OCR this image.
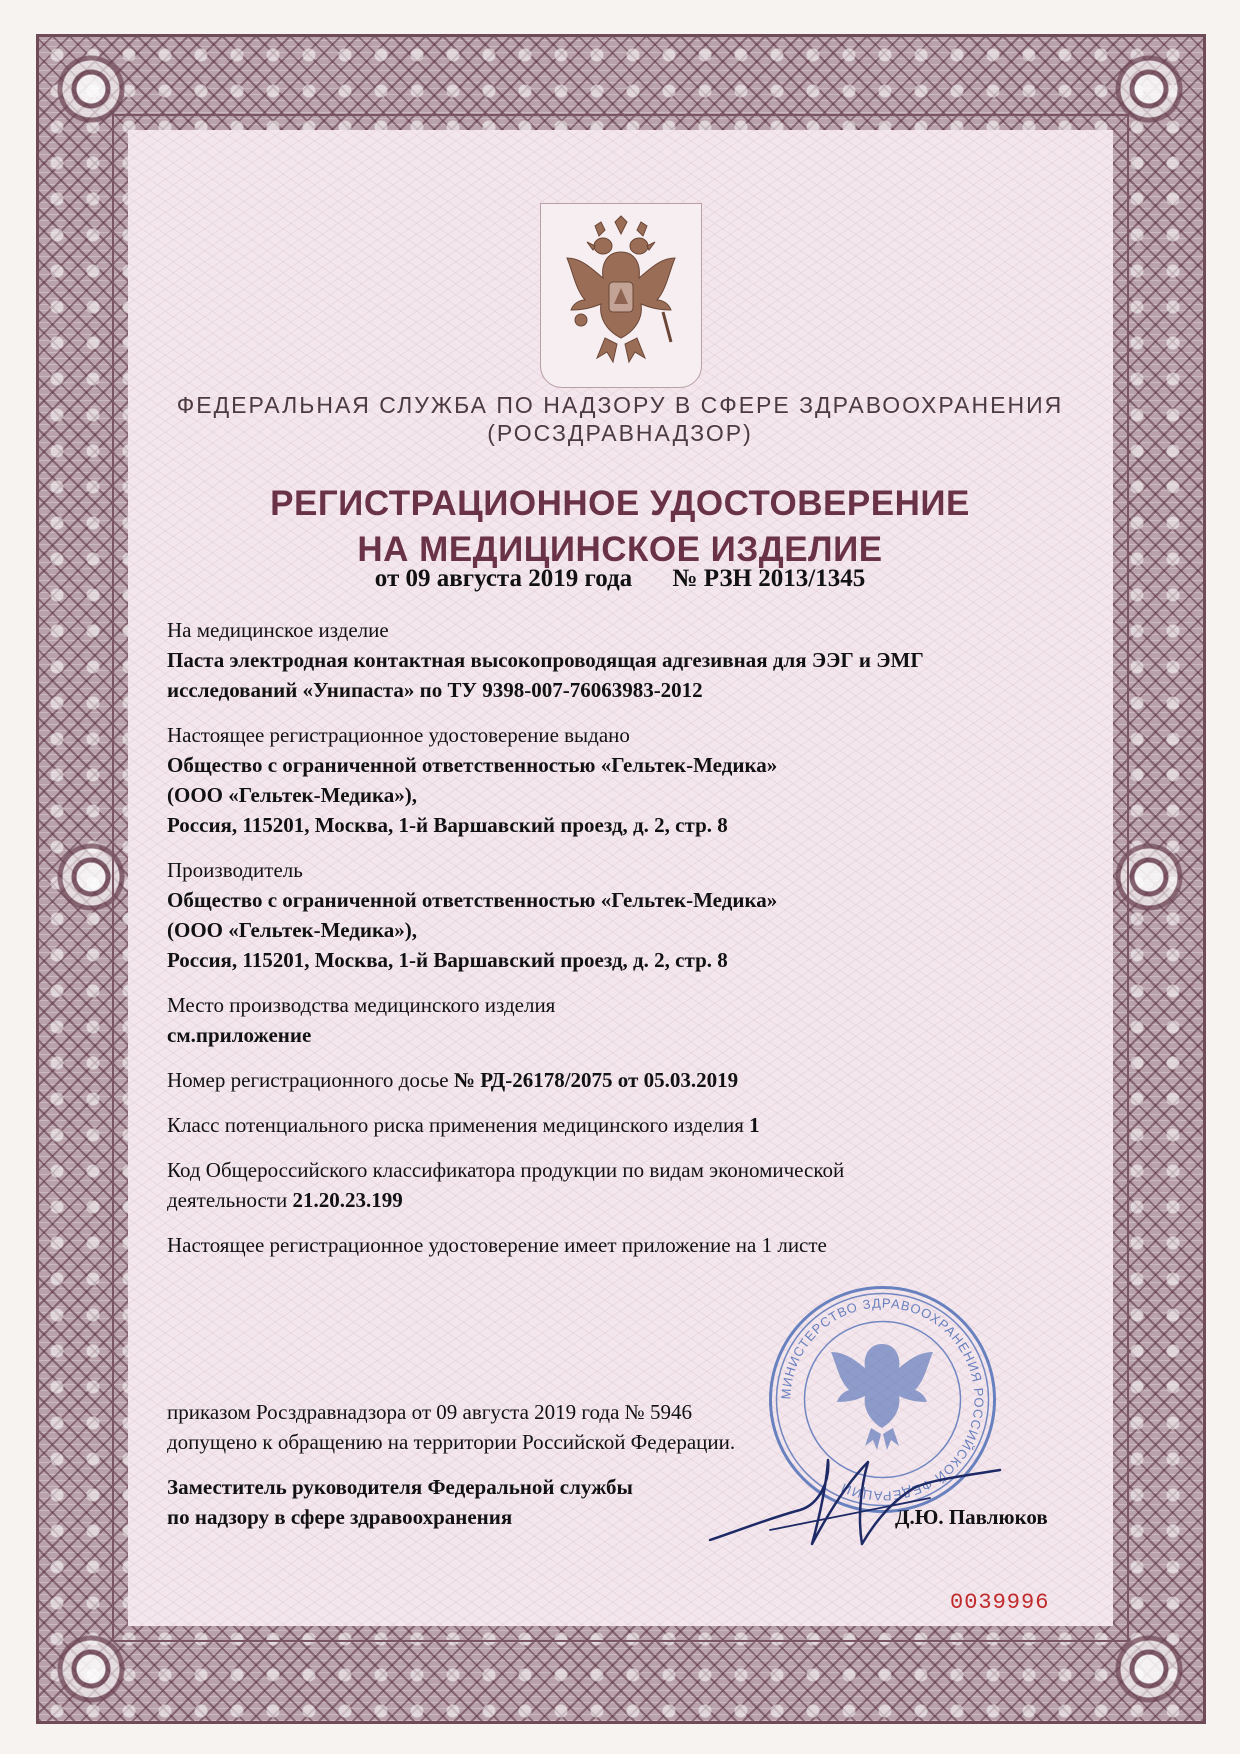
ФЕДЕРАЛЬНАЯ СЛУЖБА ПО НАДЗОРУ В СФЕРЕ ЗДРАВООХРАНЕНИЯ
(РОСЗДРАВНАДЗОР)
РЕГИСТРАЦИОННОЕ УДОСТОВЕРЕНИЕ
НА МЕДИЦИНСКОЕ ИЗДЕЛИЕ
от 09 августа 2019 года № РЗН 2013/1345
На медицинское изделие
Паста электродная контактная высокопроводящая адгезивная для ЭЭГ и ЭМГ
исследований «Унипаста» по ТУ 9398-007-76063983-2012
Настоящее регистрационное удостоверение выдано
Общество с ограниченной ответственностью «Гельтек-Медика»
(ООО «Гельтек-Медика»),
Россия, 115201, Москва, 1-й Варшавский проезд, д. 2, стр. 8
Производитель
Общество с ограниченной ответственностью «Гельтек-Медика»
(ООО «Гельтек-Медика»),
Россия, 115201, Москва, 1-й Варшавский проезд, д. 2, стр. 8
Место производства медицинского изделия
см.приложение
Номер регистрационного досье № РД-26178/2075 от 05.03.2019
Класс потенциального риска применения медицинского изделия 1
Код Общероссийского классификатора продукции по видам экономической
деятельности 21.20.23.199
Настоящее регистрационное удостоверение имеет приложение на 1 листе
приказом Росздравнадзора от 09 августа 2019 года № 5946
допущено к обращению на территории Российской Федерации.
Заместитель руководителя Федеральной службы
по надзору в сфере здравоохранения	Д.Ю. Павлюков
МИНИСТЕРСТВО ЗДРАВООХРАНЕНИЯ РОССИЙСКОЙ ФЕДЕРАЦИИ
0039996
